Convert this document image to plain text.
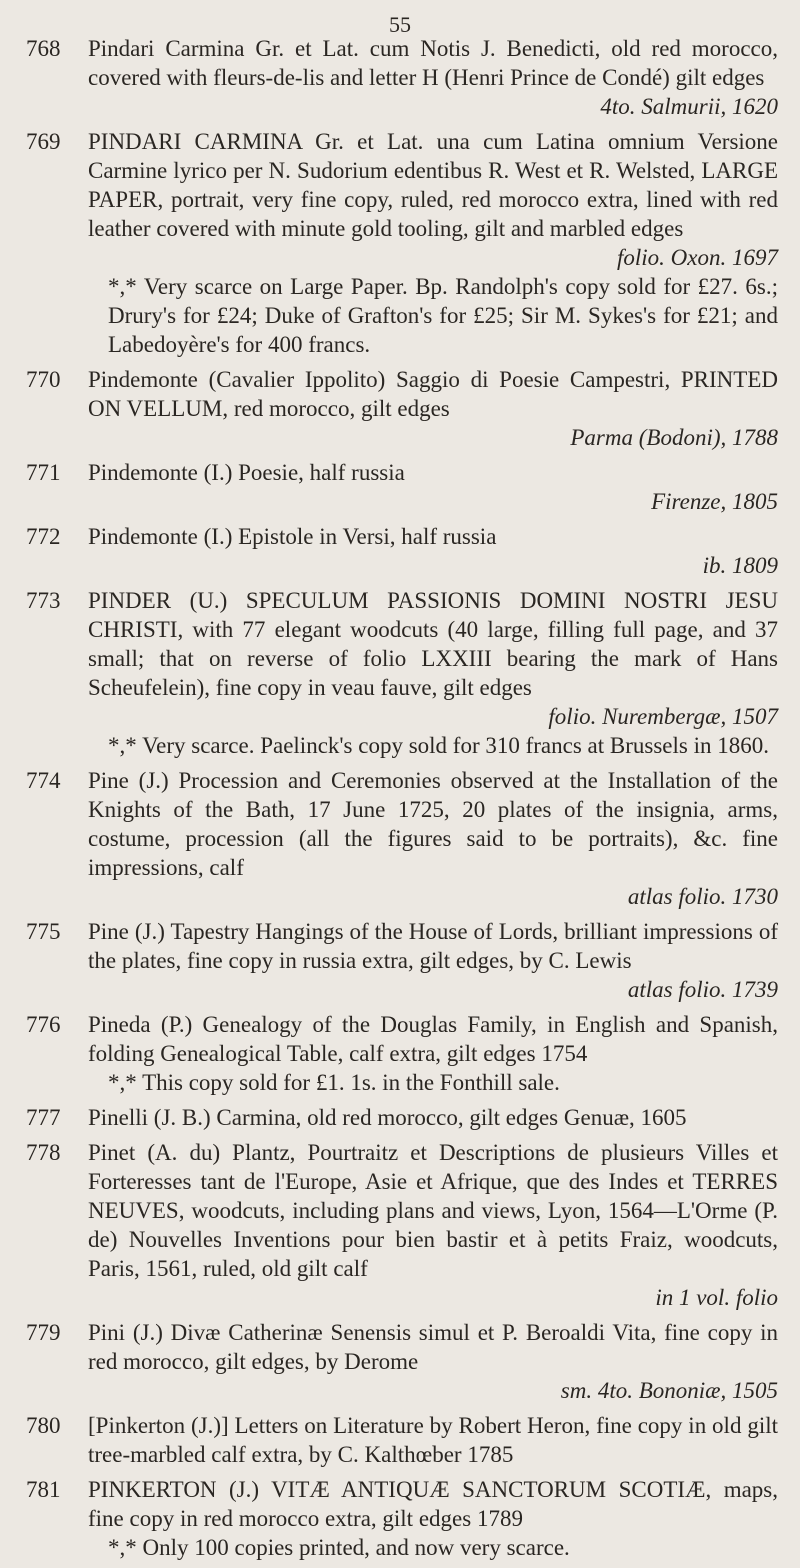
55
768 Pindari Carmina Gr. et Lat. cum Notis J. Benedicti, old red morocco, covered with fleurs-de-lis and letter H (Henri Prince de Condé) gilt edges
4to. Salmurii, 1620
769 PINDARI CARMINA Gr. et Lat. una cum Latina omnium Versione Carmine lyrico per N. Sudorium edentibus R. West et R. Welsted, LARGE PAPER, portrait, very fine copy, ruled, red morocco extra, lined with red leather covered with minute gold tooling, gilt and marbled edges
folio. Oxon. 1697
*,* Very scarce on Large Paper. Bp. Randolph's copy sold for £27. 6s.; Drury's for £24; Duke of Grafton's for £25; Sir M. Sykes's for £21; and Labedoyère's for 400 francs.
770 Pindemonte (Cavalier Ippolito) Saggio di Poesie Campestri, PRINTED ON VELLUM, red morocco, gilt edges
Parma (Bodoni), 1788
771 Pindemonte (I.) Poesie, half russia
Firenze, 1805
772 Pindemonte (I.) Epistole in Versi, half russia
ib. 1809
773 PINDER (U.) SPECULUM PASSIONIS DOMINI NOSTRI JESU CHRISTI, with 77 elegant woodcuts (40 large, filling full page, and 37 small; that on reverse of folio LXXIII bearing the mark of Hans Scheufelein), fine copy in veau fauve, gilt edges
folio. Nurembergæ, 1507
*,* Very scarce. Paelinck's copy sold for 310 francs at Brussels in 1860.
774 Pine (J.) Procession and Ceremonies observed at the Installation of the Knights of the Bath, 17 June 1725, 20 plates of the insignia, arms, costume, procession (all the figures said to be portraits), &c. fine impressions, calf
atlas folio. 1730
775 Pine (J.) Tapestry Hangings of the House of Lords, brilliant impressions of the plates, fine copy in russia extra, gilt edges, by C. Lewis
atlas folio. 1739
776 Pineda (P.) Genealogy of the Douglas Family, in English and Spanish, folding Genealogical Table, calf extra, gilt edges 1754
*,* This copy sold for £1. 1s. in the Fonthill sale.
777 Pinelli (J. B.) Carmina, old red morocco, gilt edges Genuæ, 1605
778 Pinet (A. du) Plantz, Pourtraitz et Descriptions de plusieurs Villes et Forteresses tant de l'Europe, Asie et Afrique, que des Indes et TERRES NEUVES, woodcuts, including plans and views, Lyon, 1564—L'Orme (P. de) Nouvelles Inventions pour bien bastir et à petits Fraiz, woodcuts, Paris, 1561, ruled, old gilt calf
in 1 vol. folio
779 Pini (J.) Divæ Catherinæ Senensis simul et P. Beroaldi Vita, fine copy in red morocco, gilt edges, by Derome
sm. 4to. Bononiæ, 1505
780 [Pinkerton (J.)] Letters on Literature by Robert Heron, fine copy in old gilt tree-marbled calf extra, by C. Kalthœber 1785
781 PINKERTON (J.) VITÆ ANTIQUÆ SANCTORUM SCOTIÆ, maps, fine copy in red morocco extra, gilt edges 1789
*,* Only 100 copies printed, and now very scarce.
